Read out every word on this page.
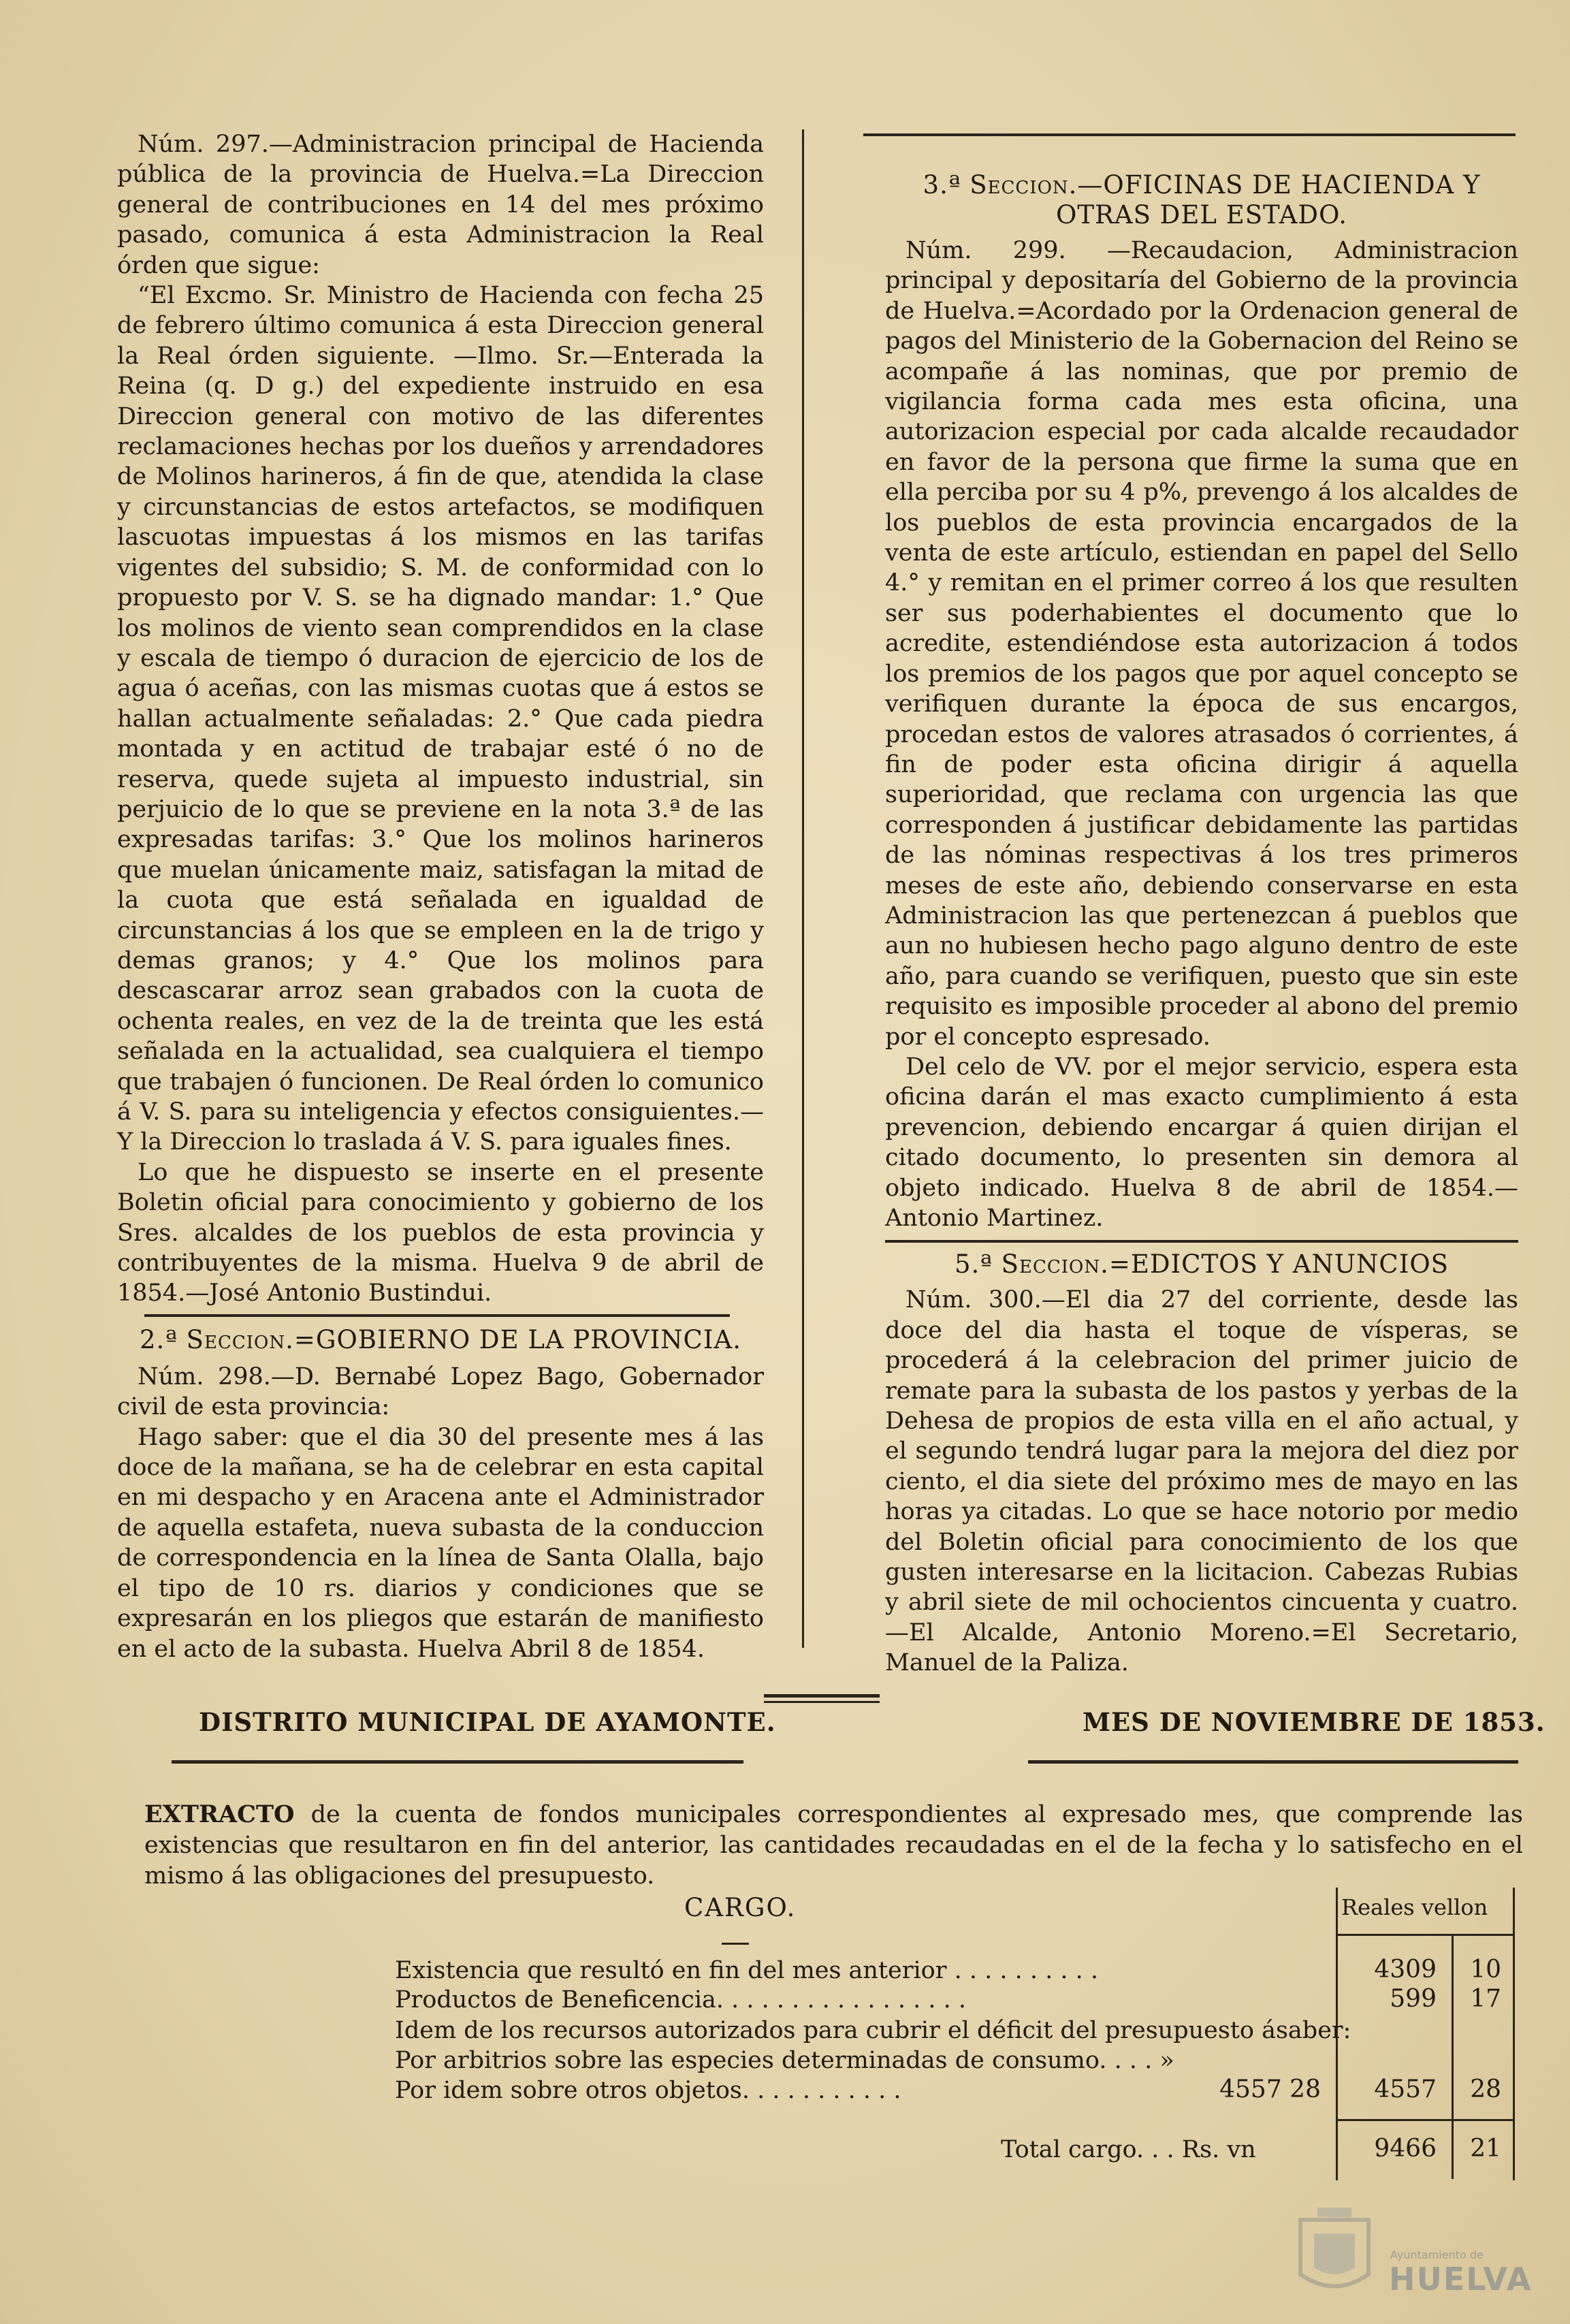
Núm. 297.—Administracion principal de Hacienda pública de la provincia de Huelva.=La Direccion general de contribuciones en 14 del mes próximo pasado, comunica á esta Administracion la Real órden que sigue:

“El Excmo. Sr. Ministro de Hacienda con fecha 25 de febrero último comunica á esta Direccion general la Real órden siguiente. —Ilmo. Sr.—Enterada la Reina (q. D g.) del expediente instruido en esa Direccion general con motivo de las diferentes reclamaciones hechas por los dueños y arrendadores de Molinos harineros, á fin de que, atendida la clase y circunstancias de estos artefactos, se modifiquen lascuotas impuestas á los mismos en las tarifas vigentes del subsidio; S. M. de conformidad con lo propuesto por V. S. se ha dignado mandar: 1.° Que los molinos de viento sean comprendidos en la clase y escala de tiempo ó duracion de ejercicio de los de agua ó aceñas, con las mismas cuotas que á estos se hallan actualmente señaladas: 2.° Que cada piedra montada y en actitud de trabajar esté ó no de reserva, quede sujeta al impuesto industrial, sin perjuicio de lo que se previene en la nota 3.ª de las expresadas tarifas: 3.° Que los molinos harineros que muelan únicamente maiz, satisfagan la mitad de la cuota que está señalada en igualdad de circunstancias á los que se empleen en la de trigo y demas granos; y 4.° Que los molinos para descascarar arroz sean grabados con la cuota de ochenta reales, en vez de la de treinta que les está señalada en la actualidad, sea cualquiera el tiempo que trabajen ó funcionen. De Real órden lo comunico á V. S. para su inteligencia y efectos consiguientes.—Y la Direccion lo traslada á V. S. para iguales fines.

Lo que he dispuesto se inserte en el presente Boletin oficial para conocimiento y gobierno de los Sres. alcaldes de los pueblos de esta provincia y contribuyentes de la misma. Huelva 9 de abril de 1854.—José Antonio Bustindui.

2.ª Seccion.=GOBIERNO DE LA PROVINCIA.

Núm. 298.—D. Bernabé Lopez Bago, Gobernador civil de esta provincia:

Hago saber: que el dia 30 del presente mes á las doce de la mañana, se ha de celebrar en esta capital en mi despacho y en Aracena ante el Administrador de aquella estafeta, nueva subasta de la conduccion de correspondencia en la línea de Santa Olalla, bajo el tipo de 10 rs. diarios y condiciones que se expresarán en los pliegos que estarán de manifiesto en el acto de la subasta. Huelva Abril 8 de 1854.

3.ª Seccion.—OFICINAS DE HACIENDA Y OTRAS DEL ESTADO.

Núm. 299. —Recaudacion, Administracion principal y depositaría del Gobierno de la provincia de Huelva.=Acordado por la Ordenacion general de pagos del Ministerio de la Gobernacion del Reino se acompañe á las nominas, que por premio de vigilancia forma cada mes esta oficina, una autorizacion especial por cada alcalde recaudador en favor de la persona que firme la suma que en ella perciba por su 4 p%, prevengo á los alcaldes de los pueblos de esta provincia encargados de la venta de este artículo, estiendan en papel del Sello 4.° y remitan en el primer correo á los que resulten ser sus poderhabientes el documento que lo acredite, estendiéndose esta autorizacion á todos los premios de los pagos que por aquel concepto se verifiquen durante la época de sus encargos, procedan estos de valores atrasados ó corrientes, á fin de poder esta oficina dirigir á aquella superioridad, que reclama con urgencia las que corresponden á justificar debidamente las partidas de las nóminas respectivas á los tres primeros meses de este año, debiendo conservarse en esta Administracion las que pertenezcan á pueblos que aun no hubiesen hecho pago alguno dentro de este año, para cuando se verifiquen, puesto que sin este requisito es imposible proceder al abono del premio por el concepto espresado.

Del celo de VV. por el mejor servicio, espera esta oficina darán el mas exacto cumplimiento á esta prevencion, debiendo encargar á quien dirijan el citado documento, lo presenten sin demora al objeto indicado. Huelva 8 de abril de 1854.—Antonio Martinez.

5.ª Seccion.=EDICTOS Y ANUNCIOS

Núm. 300.—El dia 27 del corriente, desde las doce del dia hasta el toque de vísperas, se procederá á la celebracion del primer juicio de remate para la subasta de los pastos y yerbas de la Dehesa de propios de esta villa en el año actual, y el segundo tendrá lugar para la mejora del diez por ciento, el dia siete del próximo mes de mayo en las horas ya citadas. Lo que se hace notorio por medio del Boletin oficial para conocimiento de los que gusten interesarse en la licitacion. Cabezas Rubias y abril siete de mil ochocientos cincuenta y cuatro.—El Alcalde, Antonio Moreno.=El Secretario, Manuel de la Paliza.

DISTRITO MUNICIPAL DE AYAMONTE.	MES DE NOVIEMBRE DE 1853.
EXTRACTO de la cuenta de fondos municipales correspondientes al expresado mes, que comprende las existencias que resultaron en fin del anterior, las cantidades recaudadas en el de la fecha y lo satisfecho en el mismo á las obligaciones del presupuesto.
CARGO.	Reales vellon
Existencia que resultó en fin del mes anterior . . . . . . . . . .	4309	10
Productos de Beneficencia. . . . . . . . . . . . . . . . .	599	17
Idem de los recursos autorizados para cubrir el déficit del presupuesto ásaber:
Por arbitrios sobre las especies determinadas de consumo. . . . »
Por idem sobre otros objetos. . . . . . . . . . .	4557 28	4557	28
Total cargo. . . Rs. vn	9466	21
Ayuntamiento de
HUELVA
